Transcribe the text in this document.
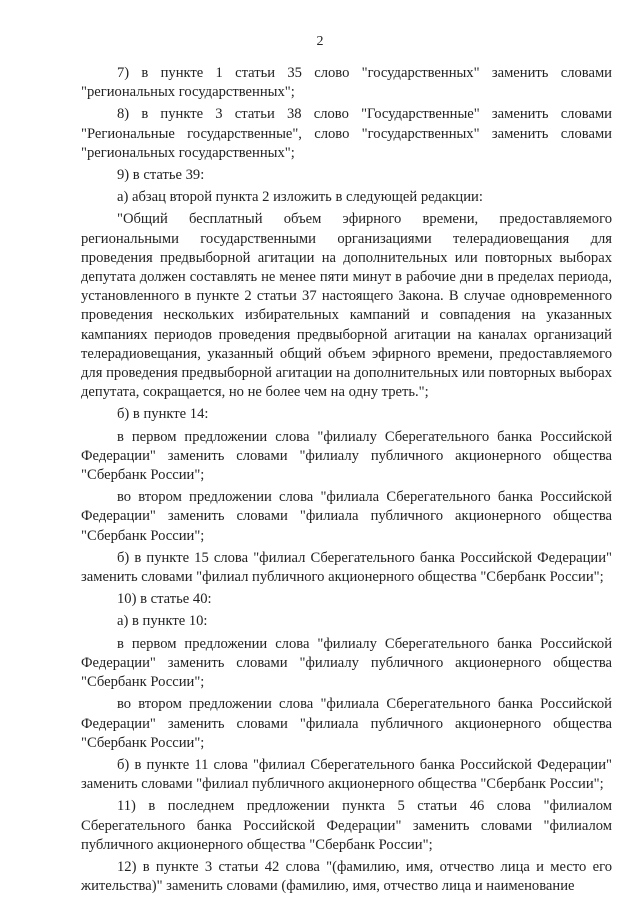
2

7) в пункте 1 статьи 35 слово "государственных" заменить словами "региональных государственных";

8) в пункте 3 статьи 38 слово "Государственные" заменить словами "Региональные государственные", слово "государственных" заменить словами "региональных государственных";

9) в статье 39:

а) абзац второй пункта 2 изложить в следующей редакции:

"Общий бесплатный объем эфирного времени, предоставляемого региональными государственными организациями телерадиовещания для проведения предвыборной агитации на дополнительных или повторных выборах депутата должен составлять не менее пяти минут в рабочие дни в пределах периода, установленного в пункте 2 статьи 37 настоящего Закона. В случае одновременного проведения нескольких избирательных кампаний и совпадения на указанных кампаниях периодов проведения предвыборной агитации на каналах организаций телерадиовещания, указанный общий объем эфирного времени, предоставляемого для проведения предвыборной агитации на дополнительных или повторных выборах депутата, сокращается, но не более чем на одну треть.";

б) в пункте 14:

в первом предложении слова "филиалу Сберегательного банка Российской Федерации" заменить словами "филиалу публичного акционерного общества "Сбербанк России";

во втором предложении слова "филиала Сберегательного банка Российской Федерации" заменить словами "филиала публичного акционерного общества "Сбербанк России";

б) в пункте 15 слова "филиал Сберегательного банка Российской Федерации" заменить словами "филиал публичного акционерного общества "Сбербанк России";

10) в статье 40:

а) в пункте 10:

в первом предложении слова "филиалу Сберегательного банка Российской Федерации" заменить словами "филиалу публичного акционерного общества "Сбербанк России";

во втором предложении слова "филиала Сберегательного банка Российской Федерации" заменить словами "филиала публичного акционерного общества "Сбербанк России";

б) в пункте 11 слова "филиал Сберегательного банка Российской Федерации" заменить словами "филиал публичного акционерного общества "Сбербанк России";

11) в последнем предложении пункта 5 статьи 46 слова "филиалом Сберегательного банка Российской Федерации" заменить словами "филиалом публичного акционерного общества "Сбербанк России";

12) в пункте 3 статьи 42 слова "(фамилию, имя, отчество лица и место его жительства)" заменить словами (фамилию, имя, отчество лица и наименование
